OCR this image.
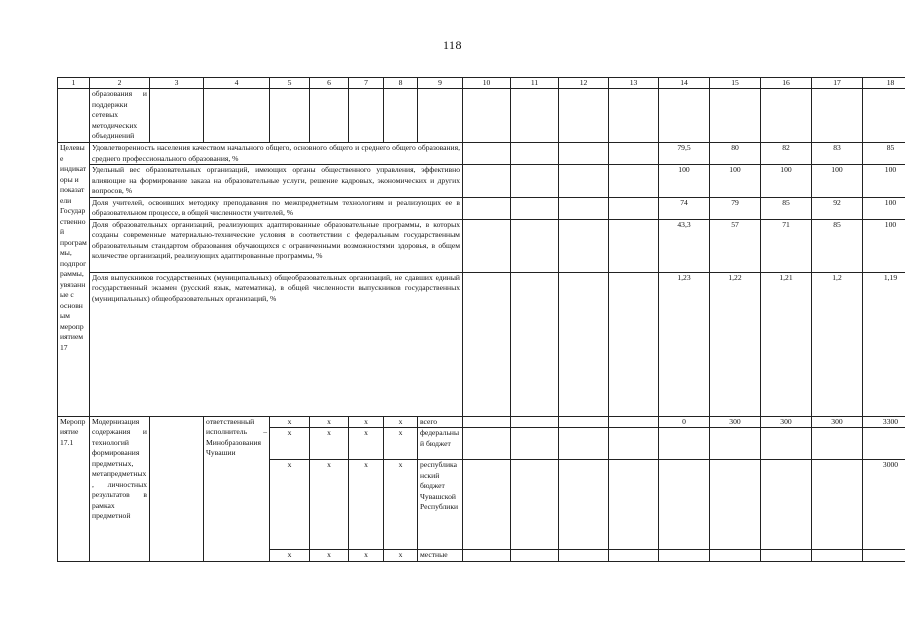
118
1	2	3	4	5	6	7	8	9	10	11	12	13	14	15	16	17	18
	образования и поддержки сетевых методических объединений																
Целевые индикаторы и показатели Государственной программы, подпрограммы, увязанные с основным мероприятием 17	Удовлетворенность населения качеством начального общего, основного общего и среднего общего образования, среднего профессионального образования, %												79,5	80	82	83	85
	Удельный вес образовательных организаций, имеющих органы общественного управления, эффективно влияющие на формирование заказа на образовательные услуги, решение кадровых, экономических и других вопросов, %												100	100	100	100	100
	Доля учителей, освоивших методику преподавания по межпредметным технологиям и реализующих ее в образовательном процессе, в общей численности учителей, %												74	79	85	92	100
	Доля образовательных организаций, реализующих адаптированные образовательные программы, в которых созданы современные материально-технические условия в соответствии с федеральным государственным образовательным стандартом образования обучающихся с ограниченными возможностями здоровья, в общем количестве организаций, реализующих адаптированные программы, %												43,3	57	71	85	100
	Доля выпускников государственных (муниципальных) общеобразовательных организаций, не сдавших единый государственный экзамен (русский язык, математика), в общей численности выпускников государственных (муниципальных) общеобразовательных организаций, %												1,23	1,22	1,21	1,2	1,19
Мероприятие 17.1	Модернизация содержания и технологий формирования предметных, метапредметных, личностных результатов в рамках предметной		ответственный исполнитель – Минобразования Чувашии	x	x	x	x	всего					0	300	300	300	3300
				x	x	x	x	федеральный бюджет									
				x	x	x	x	республиканский бюджет Чувашской Республики									3000
				x	x	x	x	местные									
